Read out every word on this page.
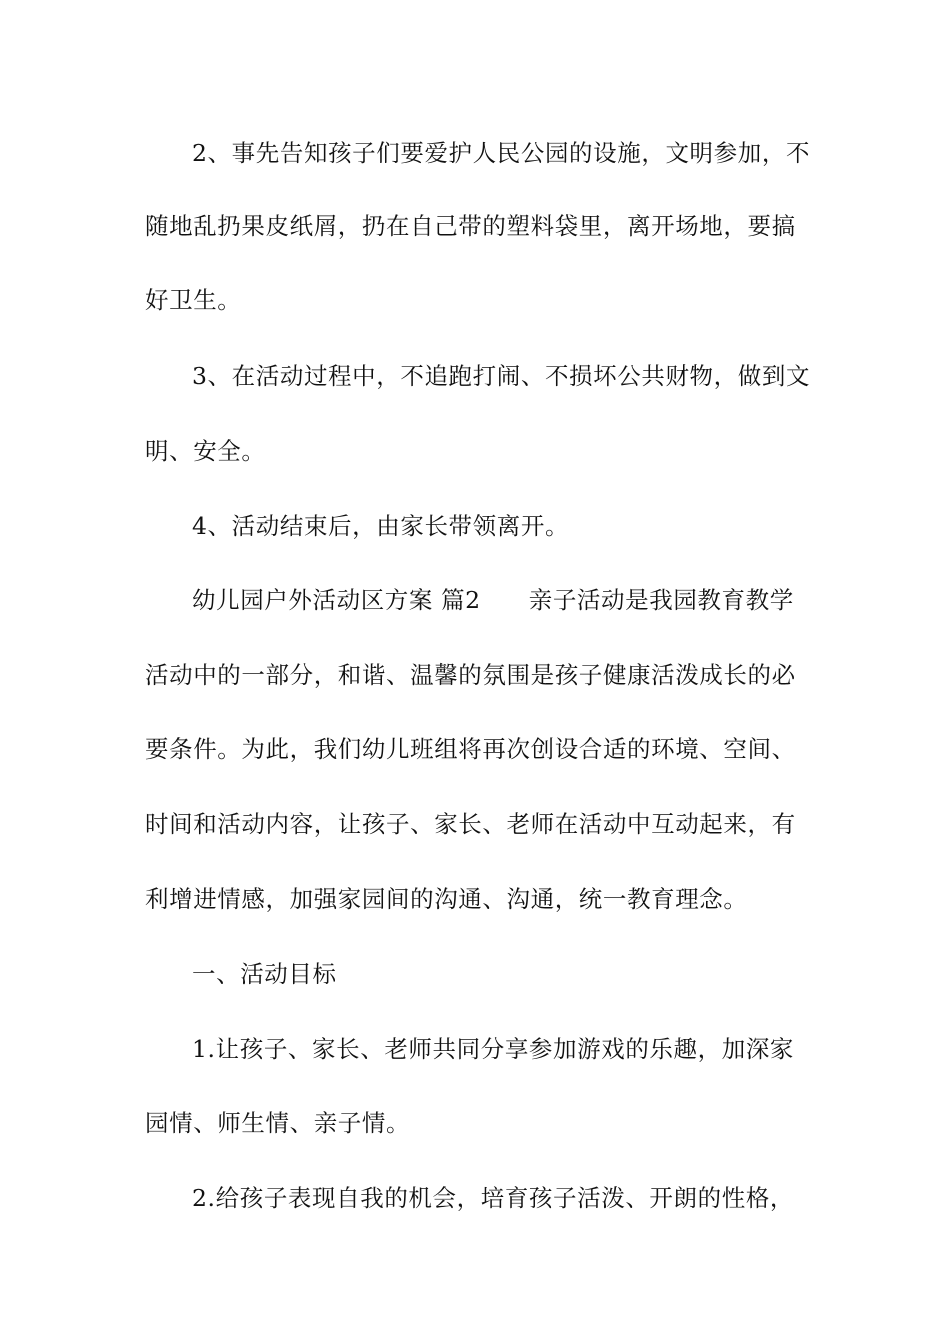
2、事先告知孩子们要爱护人民公园的设施，文明参加，不
随地乱扔果皮纸屑，扔在自己带的塑料袋里，离开场地，要搞
好卫生。
3、在活动过程中，不追跑打闹、不损坏公共财物，做到文
明、安全。
4、活动结束后，由家长带领离开。
幼儿园户外活动区方案 篇2 亲子活动是我园教育教学
活动中的一部分，和谐、温馨的氛围是孩子健康活泼成长的必
要条件。为此，我们幼儿班组将再次创设合适的环境、空间、
时间和活动内容，让孩子、家长、老师在活动中互动起来，有
利增进情感，加强家园间的沟通、沟通，统一教育理念。
一、活动目标
1.让孩子、家长、老师共同分享参加游戏的乐趣，加深家
园情、师生情、亲子情。
2.给孩子表现自我的机会，培育孩子活泼、开朗的性格，
